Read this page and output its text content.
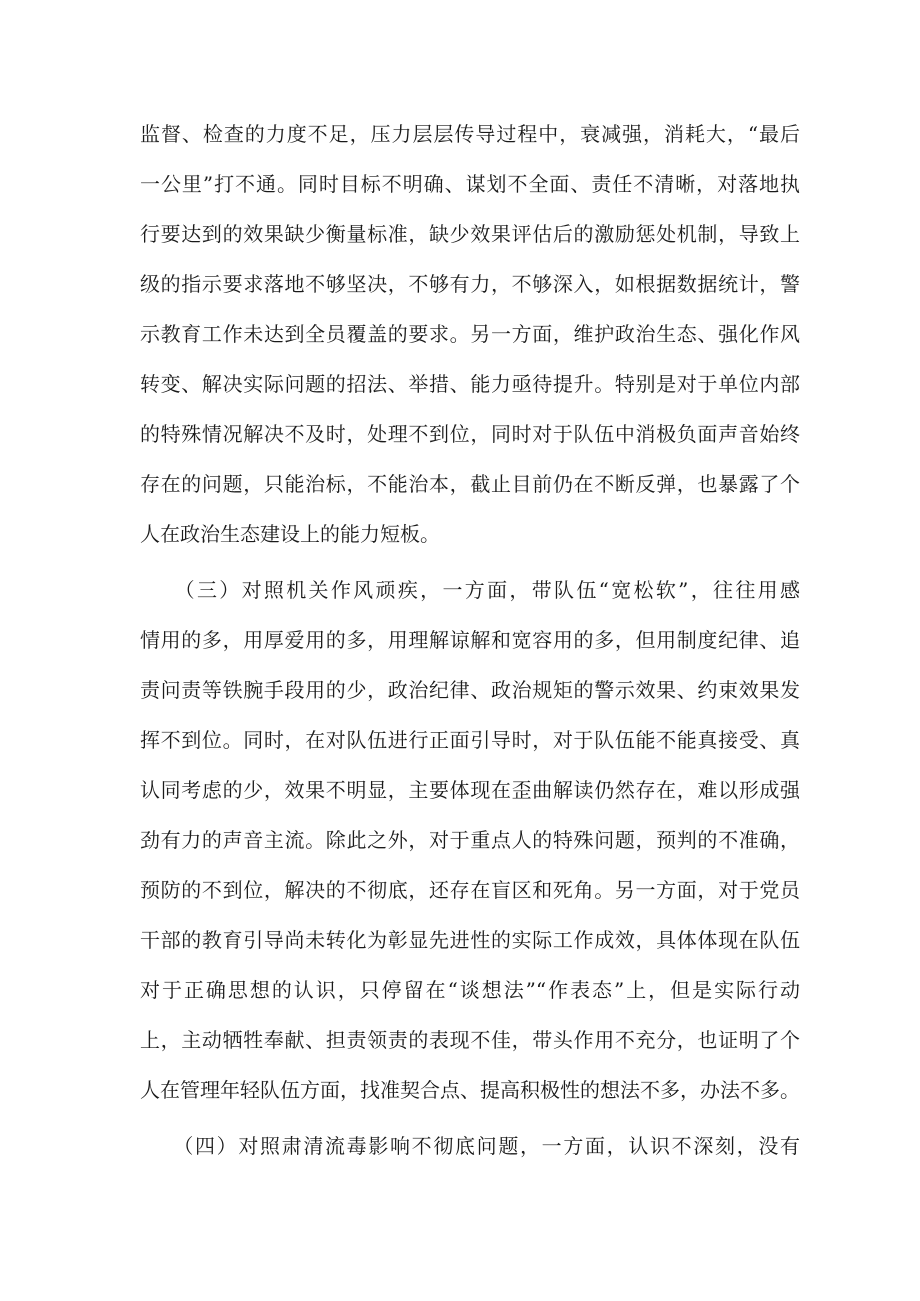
监督、检查的力度不足，压力层层传导过程中，衰减强，消耗大，“最后
一公里”打不通。同时目标不明确、谋划不全面、责任不清晰，对落地执
行要达到的效果缺少衡量标准，缺少效果评估后的激励惩处机制，导致上
级的指示要求落地不够坚决，不够有力，不够深入，如根据数据统计，警
示教育工作未达到全员覆盖的要求。另一方面，维护政治生态、强化作风
转变、解决实际问题的招法、举措、能力亟待提升。特别是对于单位内部
的特殊情况解决不及时，处理不到位，同时对于队伍中消极负面声音始终
存在的问题，只能治标，不能治本，截止目前仍在不断反弹，也暴露了个
人在政治生态建设上的能力短板。
　　（三）对照机关作风顽疾，一方面，带队伍“宽松软”，往往用感
情用的多，用厚爱用的多，用理解谅解和宽容用的多，但用制度纪律、追
责问责等铁腕手段用的少，政治纪律、政治规矩的警示效果、约束效果发
挥不到位。同时，在对队伍进行正面引导时，对于队伍能不能真接受、真
认同考虑的少，效果不明显，主要体现在歪曲解读仍然存在，难以形成强
劲有力的声音主流。除此之外，对于重点人的特殊问题，预判的不准确，
预防的不到位，解决的不彻底，还存在盲区和死角。另一方面，对于党员
干部的教育引导尚未转化为彰显先进性的实际工作成效，具体体现在队伍
对于正确思想的认识，只停留在“谈想法”“作表态”上，但是实际行动
上，主动牺牲奉献、担责领责的表现不佳，带头作用不充分，也证明了个
人在管理年轻队伍方面，找准契合点、提高积极性的想法不多，办法不多。
　　（四）对照肃清流毒影响不彻底问题，一方面，认识不深刻，没有
